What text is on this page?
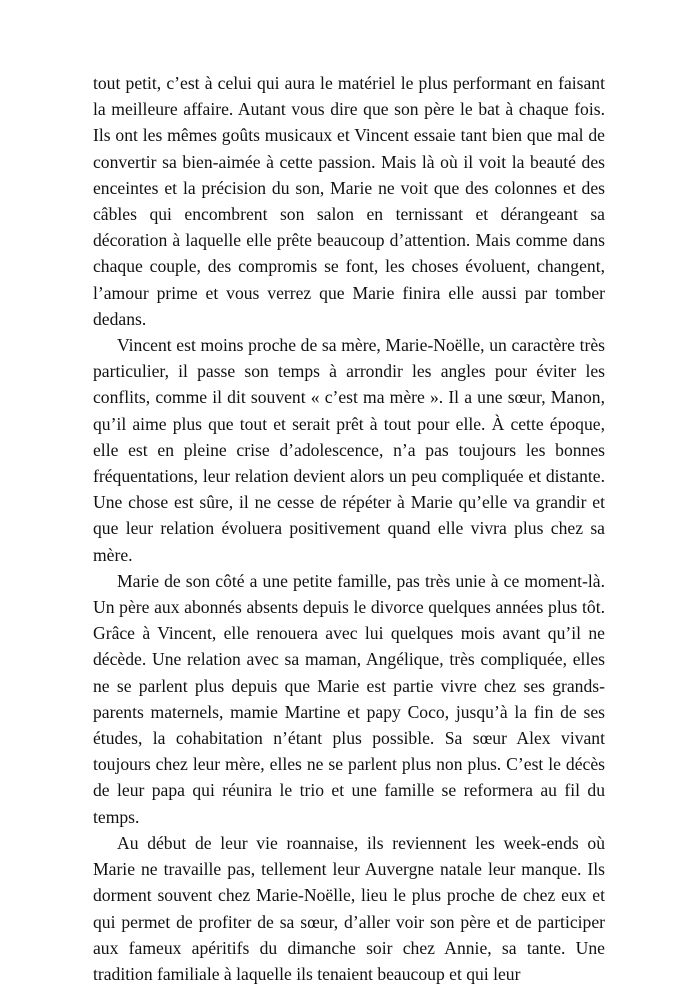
tout petit, c’est à celui qui aura le matériel le plus performant en faisant la meilleure affaire. Autant vous dire que son père le bat à chaque fois. Ils ont les mêmes goûts musicaux et Vincent essaie tant bien que mal de convertir sa bien-aimée à cette passion. Mais là où il voit la beauté des enceintes et la précision du son, Marie ne voit que des colonnes et des câbles qui encombrent son salon en ternissant et dérangeant sa décoration à laquelle elle prête beaucoup d’attention. Mais comme dans chaque couple, des compromis se font, les choses évoluent, changent, l’amour prime et vous verrez que Marie finira elle aussi par tomber dedans.

Vincent est moins proche de sa mère, Marie-Noëlle, un caractère très particulier, il passe son temps à arrondir les angles pour éviter les conflits, comme il dit souvent « c’est ma mère ». Il a une sœur, Manon, qu’il aime plus que tout et serait prêt à tout pour elle. À cette époque, elle est en pleine crise d’adolescence, n’a pas toujours les bonnes fréquentations, leur relation devient alors un peu compliquée et distante. Une chose est sûre, il ne cesse de répéter à Marie qu’elle va grandir et que leur relation évoluera positivement quand elle vivra plus chez sa mère.

Marie de son côté a une petite famille, pas très unie à ce moment-là. Un père aux abonnés absents depuis le divorce quelques années plus tôt. Grâce à Vincent, elle renouera avec lui quelques mois avant qu’il ne décède. Une relation avec sa maman, Angélique, très compliquée, elles ne se parlent plus depuis que Marie est partie vivre chez ses grands-parents maternels, mamie Martine et papy Coco, jusqu’à la fin de ses études, la cohabitation n’étant plus possible. Sa sœur Alex vivant toujours chez leur mère, elles ne se parlent plus non plus. C’est le décès de leur papa qui réunira le trio et une famille se reformera au fil du temps.

Au début de leur vie roannaise, ils reviennent les week-ends où Marie ne travaille pas, tellement leur Auvergne natale leur manque. Ils dorment souvent chez Marie-Noëlle, lieu le plus proche de chez eux et qui permet de profiter de sa sœur, d’aller voir son père et de participer aux fameux apéritifs du dimanche soir chez Annie, sa tante. Une tradition familiale à laquelle ils tenaient beaucoup et qui leur
